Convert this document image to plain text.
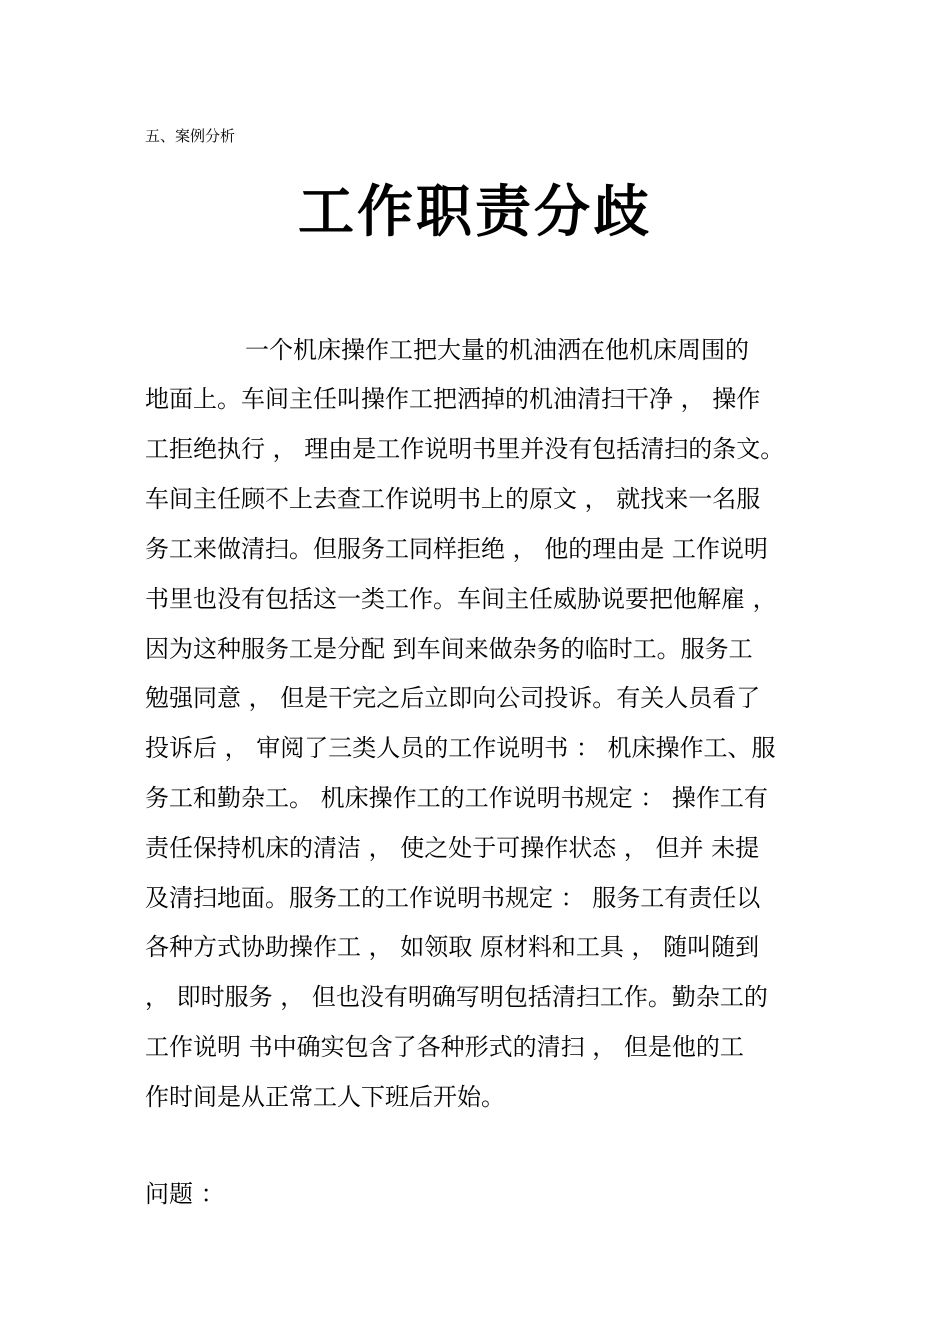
五、案例分析
工作职责分歧
一个机床操作工把大量的机油洒在他机床周围的
地面上。车间主任叫操作工把洒掉的机油清扫干净 ， 操作
工拒绝执行 ， 理由是工作说明书里并没有包括清扫的条文。
车间主任顾不上去查工作说明书上的原文 ， 就找来一名服
务工来做清扫。但服务工同样拒绝 ， 他的理由是 工作说明
书里也没有包括这一类工作。车间主任威胁说要把他解雇 ，
因为这种服务工是分配 到车间来做杂务的临时工。服务工
勉强同意 ， 但是干完之后立即向公司投诉。有关人员看了
投诉后 ， 审阅了三类人员的工作说明书 ： 机床操作工、服
务工和勤杂工。 机床操作工的工作说明书规定 ： 操作工有
责任保持机床的清洁 ， 使之处于可操作状态 ， 但并 未提
及清扫地面。服务工的工作说明书规定 ： 服务工有责任以
各种方式协助操作工 ， 如领取 原材料和工具 ， 随叫随到
， 即时服务 ， 但也没有明确写明包括清扫工作。勤杂工的
工作说明 书中确实包含了各种形式的清扫 ， 但是他的工
作时间是从正常工人下班后开始。
问题 ：
